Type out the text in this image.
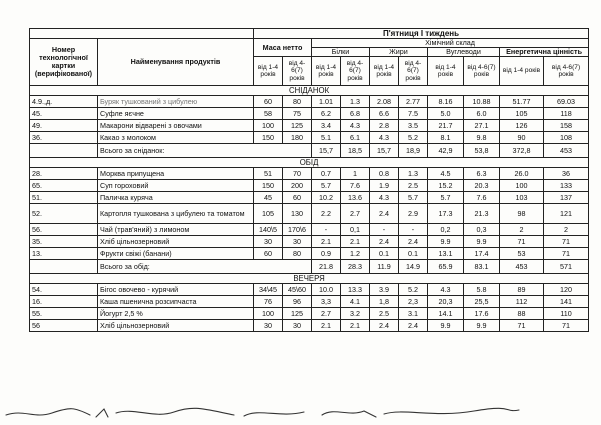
		П'ятниця І тиждень									
Номер технологічної картки (верифікованої)	Найменування продуктів	Маса нетто		Хімічний склад							
				Білки		Жири		Вуглеводи		Енергетична цінність	
		від 1-4 років	від 4-6(7) років	від 1-4 років	від 4-6(7) років	від 1-4 років	від 4-6(7) років	від 1-4 років	від 4-6(7) років	від 1-4 років	від 4-6(7) років
СНІДАНОК											
4.9.,д.	Буряк тушкований з цибулею	60	80	1.01	1.3	2.08	2.77	8.16	10.88	51.77	69.03
45.	Суфле яєчне	58	75	6.2	6.8	6.6	7.5	5.0	6.0	105	118
49.	Макарони відварені з овочами	100	125	3.4	4.3	2.8	3.5	21.7	27.1	126	158
36.	Какао з молоком	150	180	5.1	6.1	4.3	5.2	8.1	9.8	90	108
	Всього за сніданок:			15,7	18,5	15,7	18,9	42,9	53,8	372,8	453
ОБІД											
28.	Морква припущена	51	70	0.7	1	0.8	1.3	4.5	6.3	26.0	36
65.	Суп гороховий	150	200	5.7	7.6	1.9	2.5	15.2	20.3	100	133
51.	Паличка куряча	45	60	10.2	13.6	4.3	5.7	5.7	7.6	103	137
52.	Картопля тушкована з цибулею та томатом	105	130	2.2	2.7	2.4	2.9	17.3	21.3	98	121
56.	Чай (трав'яний) з лимоном	140\5	170\6	-	0,1	-	-	0,2	0,3	2	2
35.	Хліб цільнозерновий	30	30	2.1	2.1	2.4	2.4	9.9	9.9	71	71
13.	Фрукти свіжі (банани)	60	80	0.9	1.2	0.1	0.1	13.1	17.4	53	71
	Всього за обід:			21.8	28.3	11.9	14.9	65.9	83.1	453	571
ВЕЧЕРЯ											
54.	Бігос овочево - курячий	34\45	45\60	10.0	13.3	3.9	5.2	4.3	5.8	89	120
16.	Каша пшенична розсипчаста	76	96	3,3	4.1	1,8	2,3	20,3	25,5	112	141
55.	Йогурт 2,5 %	100	125	2.7	3.2	2.5	3.1	14.1	17.6	88	110
56	Хліб цільнозерновий	30	30	2.1	2.1	2.4	2.4	9.9	9.9	71	71
